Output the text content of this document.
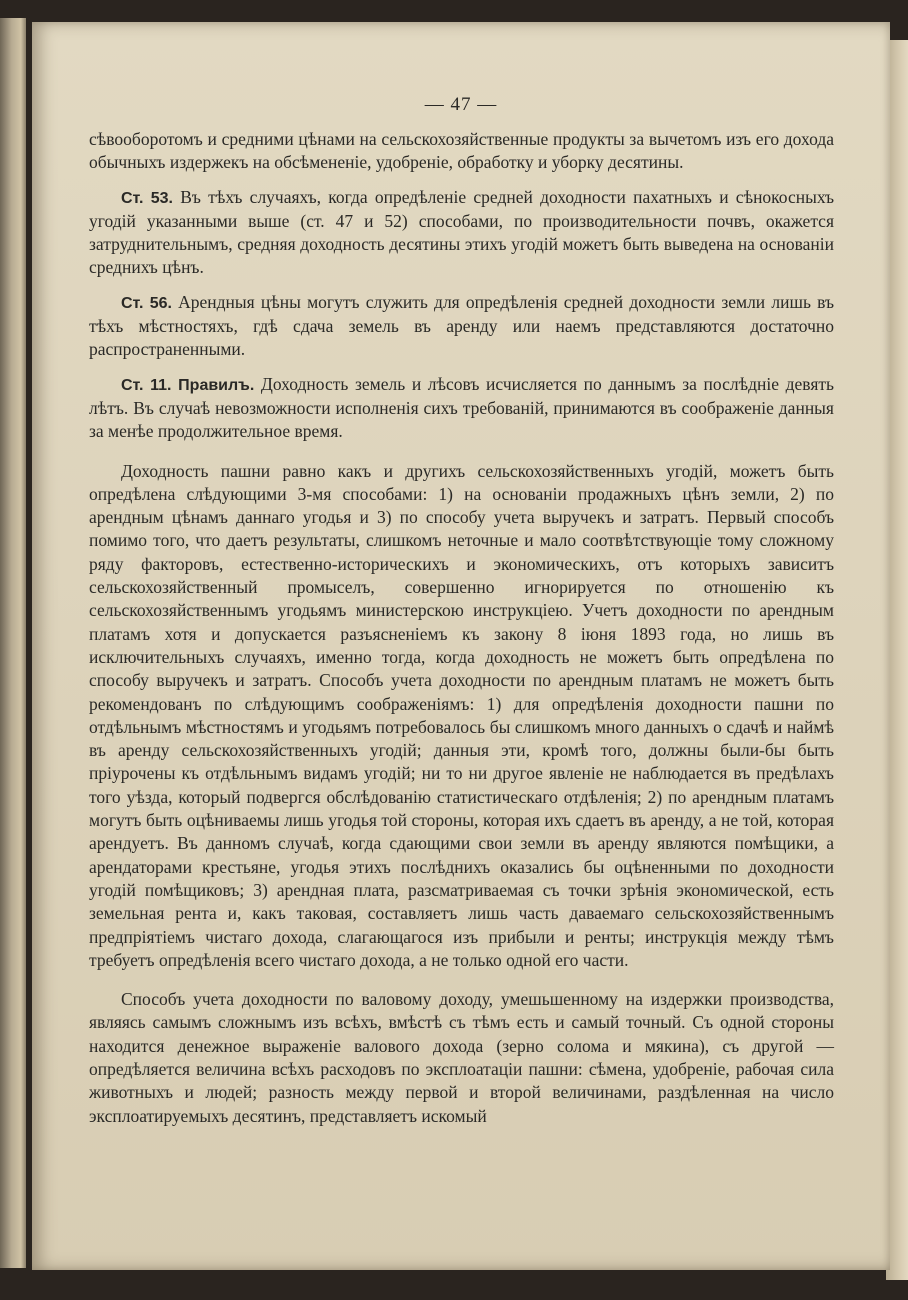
— 47 —

сѣвооборотомъ и средними цѣнами на сельскохозяйственные продукты за вычетомъ изъ его дохода обычныхъ издержекъ на обсѣмененіе, удобреніе, обработку и уборку десятины.

Ст. 53. Въ тѣхъ случаяхъ, когда опредѣленіе средней доходности пахатныхъ и сѣнокосныхъ угодій указанными выше (ст. 47 и 52) способами, по производительности почвъ, окажется затруднительнымъ, средняя доходность десятины этихъ угодій можетъ быть выведена на основаніи среднихъ цѣнъ.

Ст. 56. Арендныя цѣны могутъ служить для опредѣленія средней доходности земли лишь въ тѣхъ мѣстностяхъ, гдѣ сдача земель въ аренду или наемъ представляются достаточно распространенными.

Ст. 11. Правилъ. Доходность земель и лѣсовъ исчисляется по даннымъ за послѣдніе девять лѣтъ. Въ случаѣ невозможности исполненія сихъ требованій, принимаются въ соображеніе данныя за менѣе продолжительное время.

Доходность пашни равно какъ и другихъ сельскохозяйственныхъ угодій, можетъ быть опредѣлена слѣдующими 3-мя способами: 1) на основаніи продажныхъ цѣнъ земли, 2) по арендным цѣнамъ даннаго угодья и 3) по способу учета выручекъ и затратъ. Первый способъ помимо того, что даетъ результаты, слишкомъ неточные и мало соотвѣтствующіе тому сложному ряду факторовъ, естественно-историческихъ и экономическихъ, отъ которыхъ зависитъ сельскохозяйственный промыселъ, совершенно игнорируется по отношенію къ сельскохозяйственнымъ угодьямъ министерскою инструкціею. Учетъ доходности по арендным платамъ хотя и допускается разъясненіемъ къ закону 8 іюня 1893 года, но лишь въ исключительныхъ случаяхъ, именно тогда, когда доходность не можетъ быть опредѣлена по способу выручекъ и затратъ. Способъ учета доходности по арендным платамъ не можетъ быть рекомендованъ по слѣдующимъ соображеніямъ: 1) для опредѣленія доходности пашни по отдѣльнымъ мѣстностямъ и угодьямъ потребовалось бы слишкомъ много данныхъ о сдачѣ и наймѣ въ аренду сельскохозяйственныхъ угодій; данныя эти, кромѣ того, должны были-бы быть пріурочены къ отдѣльнымъ видамъ угодій; ни то ни другое явленіе не наблюдается въ предѣлахъ того уѣзда, который подвергся обслѣдованію статистическаго отдѣленія; 2) по арендным платамъ могутъ быть оцѣниваемы лишь угодья той стороны, которая ихъ сдаетъ въ аренду, а не той, которая арендуетъ. Въ данномъ случаѣ, когда сдающими свои земли въ аренду являются помѣщики, а арендаторами крестьяне, угодья этихъ послѣднихъ оказались бы оцѣненными по доходности угодій помѣщиковъ; 3) арендная плата, разсматриваемая съ точки зрѣнія экономической, есть земельная рента и, какъ таковая, составляетъ лишь часть даваемаго сельскохозяйственнымъ предпріятіемъ чистаго дохода, слагающагося изъ прибыли и ренты; инструкція между тѣмъ требуетъ опредѣленія всего чистаго дохода, а не только одной его части.

Способъ учета доходности по валовому доходу, умешьшенному на издержки производства, являясь самымъ сложнымъ изъ всѣхъ, вмѣстѣ съ тѣмъ есть и самый точный. Съ одной стороны находится денежное выраженіе валового дохода (зерно солома и мякина), съ другой — опредѣляется величина всѣхъ расходовъ по эксплоатаціи пашни: сѣмена, удобреніе, рабочая сила животныхъ и людей; разность между первой и второй величинами, раздѣленная на число эксплоатируемыхъ десятинъ, представляетъ искомый
